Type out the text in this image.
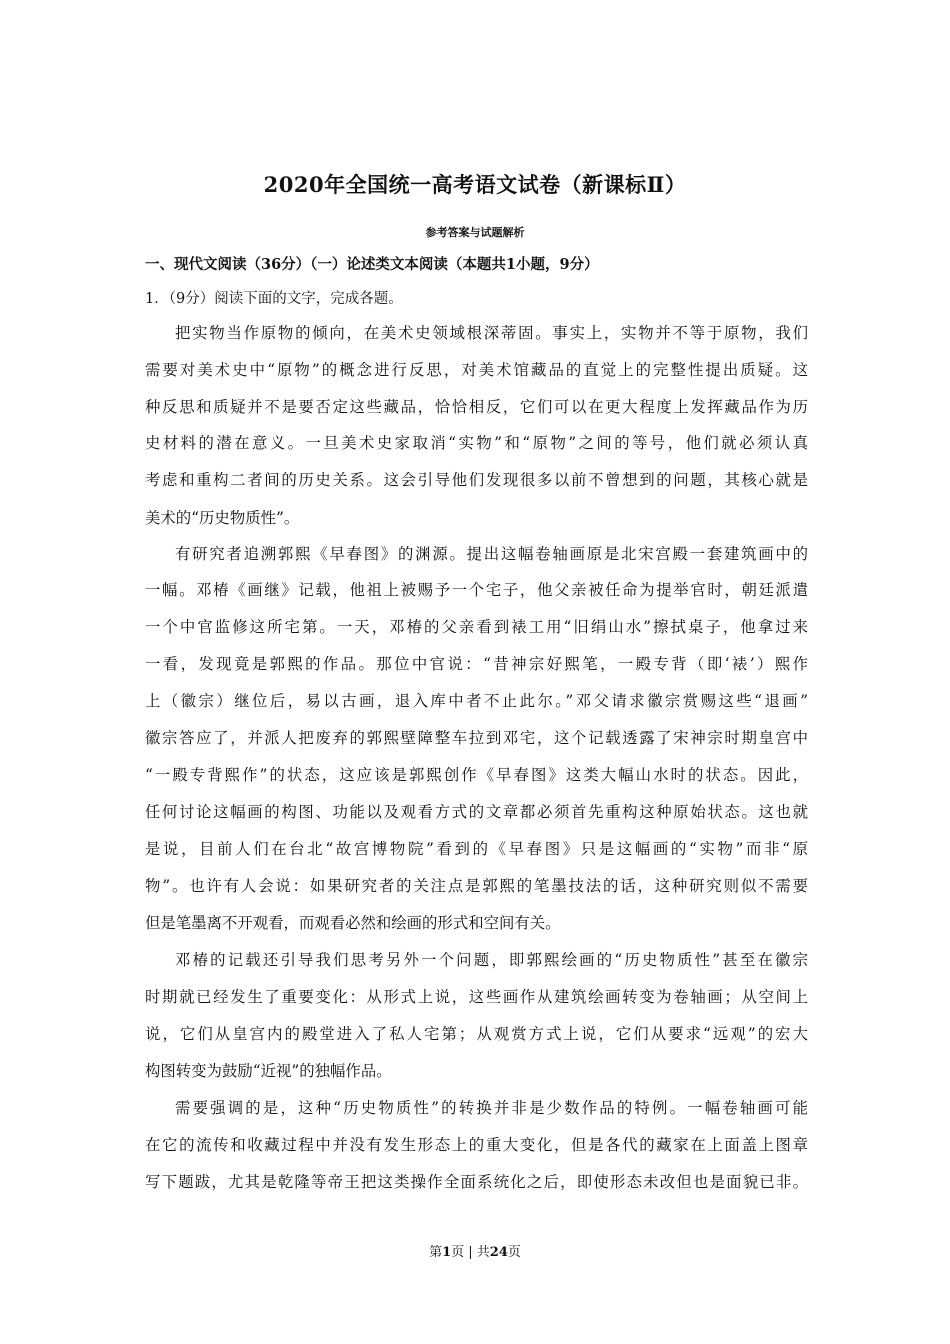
2020年全国统一高考语文试卷（新课标Ⅱ）
参考答案与试题解析
一、现代文阅读（36分）（一）论述类文本阅读（本题共1小题，9分）
1．（9分）阅读下面的文字，完成各题。
把实物当作原物的倾向，在美术史领域根深蒂固。事实上，实物并不等于原物，我们
需要对美术史中“原物”的概念进行反思，对美术馆藏品的直觉上的完整性提出质疑。这
种反思和质疑并不是要否定这些藏品，恰恰相反，它们可以在更大程度上发挥藏品作为历
史材料的潜在意义。一旦美术史家取消“实物”和“原物”之间的等号，他们就必须认真
考虑和重构二者间的历史关系。这会引导他们发现很多以前不曾想到的问题，其核心就是
美术的“历史物质性”。
有研究者追溯郭熙《早春图》的渊源。提出这幅卷轴画原是北宋宫殿一套建筑画中的
一幅。邓椿《画继》记载，他祖上被赐予一个宅子，他父亲被任命为提举官时，朝廷派遣
一个中官监修这所宅第。一天，邓椿的父亲看到裱工用“旧绢山水”擦拭桌子，他拿过来
一看，发现竟是郭熙的作品。那位中官说：“昔神宗好熙笔，一殿专背（即‘裱’）熙作
上（徽宗）继位后，易以古画，退入库中者不止此尔。”邓父请求徽宗赏赐这些“退画”
徽宗答应了，并派人把废弃的郭熙壁障整车拉到邓宅，这个记载透露了宋神宗时期皇宫中
“一殿专背熙作”的状态，这应该是郭熙创作《早春图》这类大幅山水时的状态。因此，
任何讨论这幅画的构图、功能以及观看方式的文章都必须首先重构这种原始状态。这也就
是说，目前人们在台北“故宫博物院”看到的《早春图》只是这幅画的“实物”而非“原
物”。也许有人会说：如果研究者的关注点是郭熙的笔墨技法的话，这种研究则似不需要
但是笔墨离不开观看，而观看必然和绘画的形式和空间有关。
邓椿的记载还引导我们思考另外一个问题，即郭熙绘画的“历史物质性”甚至在徽宗
时期就已经发生了重要变化：从形式上说，这些画作从建筑绘画转变为卷轴画；从空间上
说，它们从皇宫内的殿堂进入了私人宅第；从观赏方式上说，它们从要求“远观”的宏大
构图转变为鼓励“近视”的独幅作品。
需要强调的是，这种“历史物质性”的转换并非是少数作品的特例。一幅卷轴画可能
在它的流传和收藏过程中并没有发生形态上的重大变化，但是各代的藏家在上面盖上图章
写下题跋，尤其是乾隆等帝王把这类操作全面系统化之后，即使形态未改但也是面貌已非。
第1页 | 共24页
